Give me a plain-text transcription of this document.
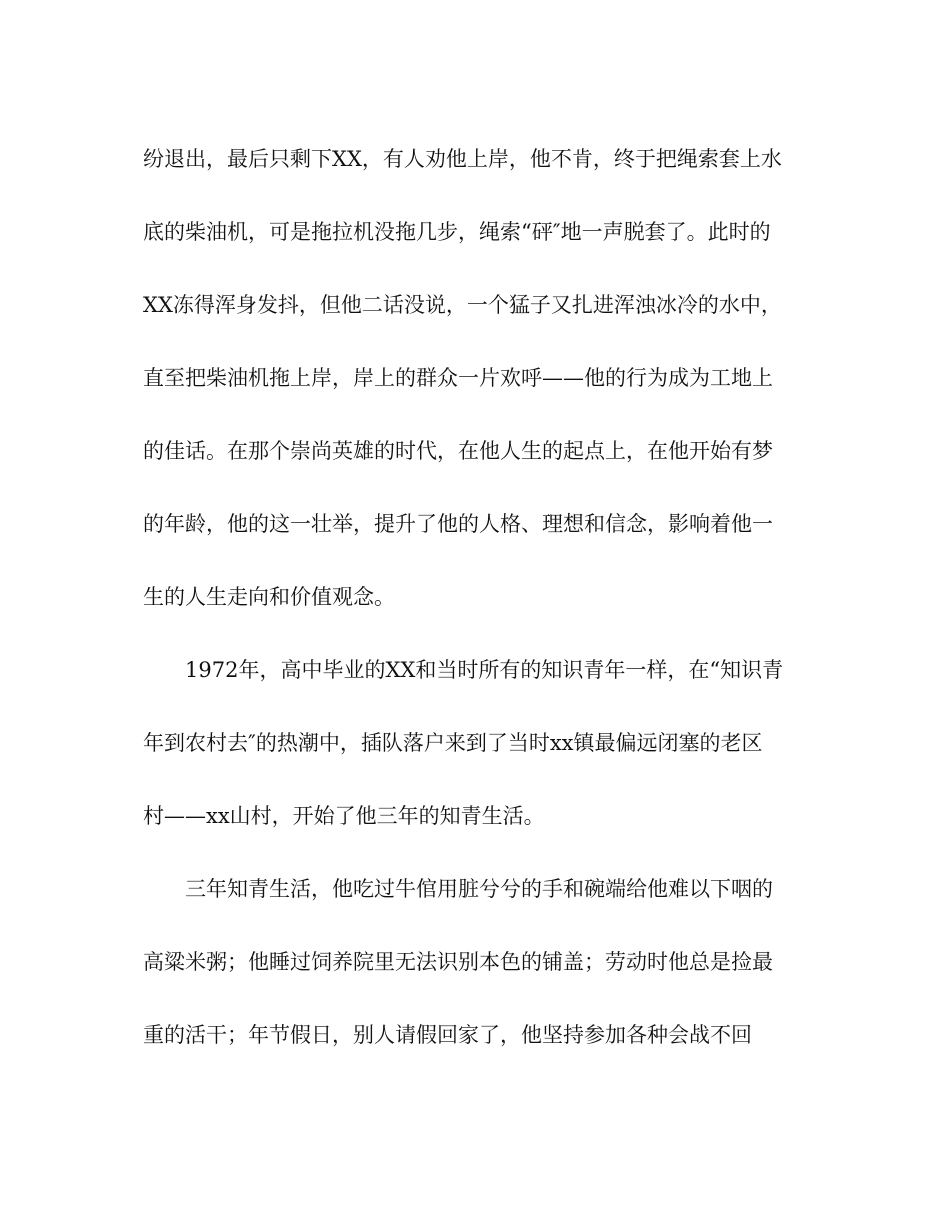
纷退出，最后只剩下XX，有人劝他上岸，他不肯，终于把绳索套上水
底的柴油机，可是拖拉机没拖几步，绳索“砰″地一声脱套了。此时的
XX冻得浑身发抖，但他二话没说，一个猛子又扎进浑浊冰冷的水中，
直至把柴油机拖上岸，岸上的群众一片欢呼——他的行为成为工地上
的佳话。在那个崇尚英雄的时代，在他人生的起点上，在他开始有梦
的年龄，他的这一壮举，提升了他的人格、理想和信念，影响着他一
生的人生走向和价值观念。
1972年，高中毕业的XX和当时所有的知识青年一样，在“知识青
年到农村去″的热潮中，插队落户来到了当时xx镇最偏远闭塞的老区
村——xx山村，开始了他三年的知青生活。
三年知青生活，他吃过牛倌用脏兮兮的手和碗端给他难以下咽的
高粱米粥；他睡过饲养院里无法识别本色的铺盖；劳动时他总是捡最
重的活干；年节假日，别人请假回家了，他坚持参加各种会战不回
